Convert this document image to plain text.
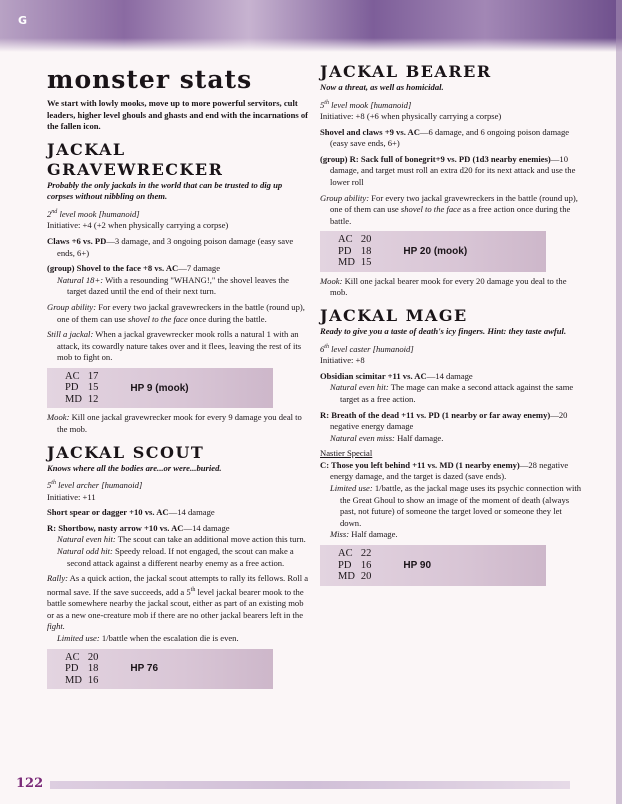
G
monster stats

We start with lowly mooks, move up to more powerful servitors, cult leaders, higher level ghouls and ghasts and end with the incarnations of the fallen icon.

JACKAL GRAVEWRECKER

Probably the only jackals in the world that can be trusted to dig up corpses without nibbling on them.

2nd level mook [humanoid]

Initiative: +4 (+2 when physically carrying a corpse)

Claws +6 vs. PD—3 damage, and 3 ongoing poison damage (easy save ends, 6+)

(group) Shovel to the face +8 vs. AC—7 damage

Natural 18+: With a resounding "WHANG!," the shovel leaves the target dazed until the end of their next turn.

Group ability: For every two jackal gravewreckers in the battle (round up), one of them can use shovel to the face once during the battle.

Still a jackal: When a jackal gravewrecker mook rolls a natural 1 with an attack, its cowardly nature takes over and it flees, leaving the rest of its mob to fight on.

AC	17
PD	15
MD	12
HP 9 (mook)

Mook: Kill one jackal gravewrecker mook for every 9 damage you deal to the mob.

JACKAL SCOUT

Knows where all the bodies are...or were...buried.

5th level archer [humanoid]

Initiative: +11

Short spear or dagger +10 vs. AC—14 damage

R: Shortbow, nasty arrow +10 vs. AC—14 damage

Natural even hit: The scout can take an additional move action this turn.

Natural odd hit: Speedy reload. If not engaged, the scout can make a second attack against a different nearby enemy as a free action.

Rally: As a quick action, the jackal scout attempts to rally its fellows. Roll a normal save. If the save succeeds, add a 5th level jackal bearer mook to the battle somewhere nearby the jackal scout, either as part of an existing mob or as a new one-creature mob if there are no other jackal bearers left in the fight.

Limited use: 1/battle when the escalation die is even.

AC	20
PD	18
MD	16
HP 76
JACKAL BEARER

Now a threat, as well as homicidal.

5th level mook [humanoid]

Initiative: +8 (+6 when physically carrying a corpse)

Shovel and claws +9 vs. AC—6 damage, and 6 ongoing poison damage (easy save ends, 6+)

(group) R: Sack full of bonegrit+9 vs. PD (1d3 nearby enemies)—10 damage, and target must roll an extra d20 for its next attack and use the lower roll

Group ability: For every two jackal gravewreckers in the battle (round up), one of them can use shovel to the face as a free action once during the battle.

AC	20
PD	18
MD	15
HP 20 (mook)

Mook: Kill one jackal bearer mook for every 20 damage you deal to the mob.

JACKAL MAGE

Ready to give you a taste of death's icy fingers. Hint: they taste awful.

6th level caster [humanoid]

Initiative: +8

Obsidian scimitar +11 vs. AC—14 damage

Natural even hit: The mage can make a second attack against the same target as a free action.

R: Breath of the dead +11 vs. PD (1 nearby or far away enemy)—20 negative energy damage

Natural even miss: Half damage.

Nastier Special

C: Those you left behind +11 vs. MD (1 nearby enemy)—28 negative energy damage, and the target is dazed (save ends).

Limited use: 1/battle, as the jackal mage uses its psychic connection with the Great Ghoul to show an image of the moment of death (always past, not future) of someone the target loved or someone they let down.

Miss: Half damage.

AC	22
PD	16
MD	20
HP 90
122
